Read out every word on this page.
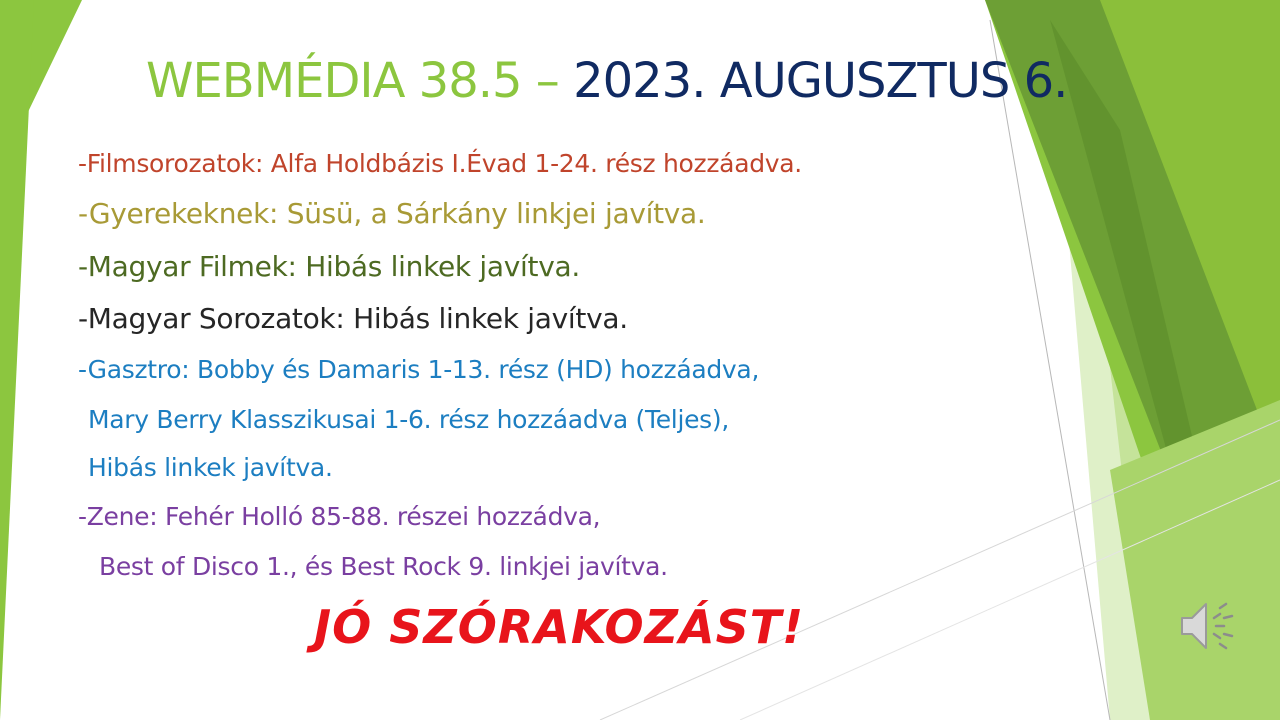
WEBMÉDIA 38.5 – 2023. AUGUSZTUS 6.
-Filmsorozatok: Alfa Holdbázis I.Évad 1-24. rész hozzáadva.
-Gyerekeknek: Süsü, a Sárkány linkjei javítva.
-Magyar Filmek: Hibás linkek javítva.
-Magyar Sorozatok: Hibás linkek javítva.
-Gasztro: Bobby és Damaris 1-13. rész (HD) hozzáadva,
Mary Berry Klasszikusai 1-6. rész hozzáadva (Teljes),
Hibás linkek javítva.
-Zene: Fehér Holló 85-88. részei hozzádva,
Best of Disco 1., és Best Rock 9. linkjei javítva.
JÓ SZÓRAKOZÁST!
